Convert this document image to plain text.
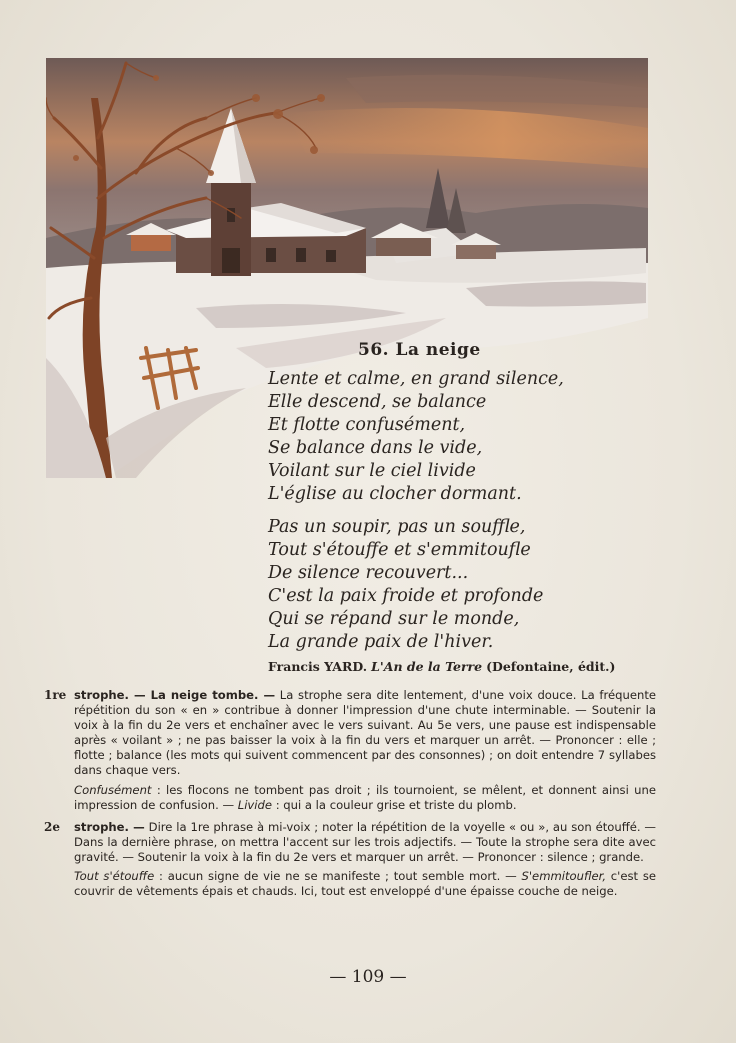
56. La neige
Lente et calme, en grand silence,
Elle descend, se balance
Et flotte confusément,
Se balance dans le vide,
Voilant sur le ciel livide
L'église au clocher dormant.
Pas un soupir, pas un souffle,
Tout s'étouffe et s'emmitoufle
De silence recouvert...
C'est la paix froide et profonde
Qui se répand sur le monde,
La grande paix de l'hiver.
Francis YARD. L'An de la Terre (Defontaine, édit.)
1re strophe. — La neige tombe. — La strophe sera dite lentement, d'une voix douce. La fréquente répétition du son « en » contribue à donner l'impression d'une chute interminable. — Soutenir la voix à la fin du 2e vers et enchaîner avec le vers suivant. Au 5e vers, une pause est indispensable après « voilant » ; ne pas baisser la voix à la fin du vers et marquer un arrêt. — Prononcer : elle ; flotte ; balance (les mots qui suivent commencent par des consonnes) ; on doit entendre 7 syllabes dans chaque vers.
Confusément : les flocons ne tombent pas droit ; ils tournoient, se mêlent, et donnent ainsi une impression de confusion. — Livide : qui a la couleur grise et triste du plomb.
2e strophe. — Dire la 1re phrase à mi-voix ; noter la répétition de la voyelle « ou », au son étouffé. — Dans la dernière phrase, on mettra l'accent sur les trois adjectifs. — Toute la strophe sera dite avec gravité. — Soutenir la voix à la fin du 2e vers et marquer un arrêt. — Prononcer : silence ; grande.
Tout s'étouffe : aucun signe de vie ne se manifeste ; tout semble mort. — S'emmitoufler, c'est se couvrir de vêtements épais et chauds. Ici, tout est enveloppé d'une épaisse couche de neige.
— 109 —
